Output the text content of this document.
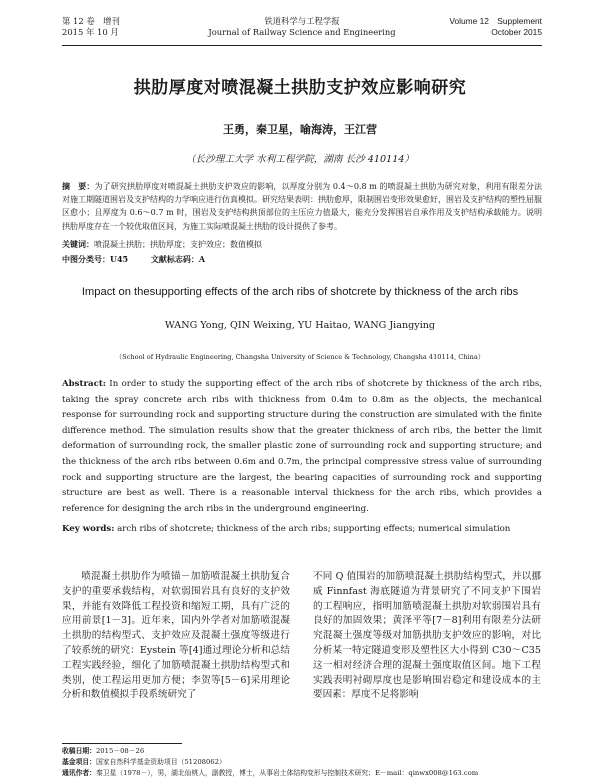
第 12 卷　增刊
2015 年 10 月
铁道科学与工程学报
Journal of Railway Science and Engineering
Volume 12　Supplement
October 2015
拱肋厚度对喷混凝土拱肋支护效应影响研究
王勇，秦卫星，喻海涛，王江营
（长沙理工大学 水利工程学院，湖南 长沙 410114）
摘　要：为了研究拱肋厚度对喷混凝土拱肋支护效应的影响，以厚度分别为 0.4～0.8 m 的喷混凝土拱肋为研究对象，利用有限差分法对施工期隧道围岩及支护结构的力学响应进行仿真模拟。研究结果表明：拱肋愈厚，限制围岩变形效果愈好，围岩及支护结构的塑性屈服区愈小；且厚度为 0.6～0.7 m 时，围岩及支护结构拱顶部位的主压应力值最大，能充分发挥围岩自承作用及支护结构承载能力。说明拱肋厚度存在一个较优取值区间，为施工实际喷混凝土拱肋的设计提供了参考。
关键词：喷混凝土拱肋；拱肋厚度；支护效应；数值模拟
中图分类号：U45	文献标志码：A
Impact on thesupporting effects of the arch ribs of shotcrete by thickness of the arch ribs
WANG Yong, QIN Weixing, YU Haitao, WANG Jiangying
（School of Hydraulic Engineering, Changsha University of Science & Technology, Changsha 410114, China）
Abstract: In order to study the supporting effect of the arch ribs of shotcrete by thickness of the arch ribs, taking the spray concrete arch ribs with thickness from 0.4m to 0.8m as the objects, the mechanical response for surrounding rock and supporting structure during the construction are simulated with the finite difference method. The simulation results show that the greater thickness of arch ribs, the better the limit deformation of surrounding rock, the smaller plastic zone of surrounding rock and supporting structure; and the thickness of the arch ribs between 0.6m and 0.7m, the principal compressive stress value of surrounding rock and supporting structure are the largest, the bearing capacities of surrounding rock and supporting structure are best as well. There is a reasonable interval thickness for the arch ribs, which provides a reference for designing the arch ribs in the underground engineering.
Key words: arch ribs of shotcrete; thickness of the arch ribs; supporting effects; numerical simulation

喷混凝土拱肋作为喷锚－加筋喷混凝土拱肋复合支护的重要承载结构，对软弱围岩具有良好的支护效果，并能有效降低工程投资和缩短工期，具有广泛的应用前景[1－3]。近年来，国内外学者对加筋喷混凝土拱肋的结构型式、支护效应及混凝土强度等级进行了较系统的研究：Eystein 等[4]通过理论分析和总结工程实践经验，细化了加筋喷混凝土拱肋结构型式和类别，使工程运用更加方便；李贺等[5－6]采用理论分析和数值模拟手段系统研究了

不同 Q 值围岩的加筋喷混凝土拱肋结构型式，并以挪威 Finnfast 海底隧道为背景研究了不同支护下围岩的工程响应，指明加筋喷混凝土拱肋对软弱围岩具有良好的加固效果；黄泽平等[7－8]利用有限差分法研究混凝土强度等级对加筋拱肋支护效应的影响，对比分析某一特定隧道变形及塑性区大小得到 C30～C35 这一相对经济合理的混凝土强度取值区间。地下工程实践表明衬砌厚度也是影响围岩稳定和建设成本的主要因素：厚度不足将影响

收稿日期：2015－08－26
基金项目：国家自然科学基金资助项目（51208062）
通讯作者：秦卫星（1978－），男，湖北仙桃人，副教授，博士，从事岩土体结构变形与控制技术研究；E－mail：qinwx008@163.com
